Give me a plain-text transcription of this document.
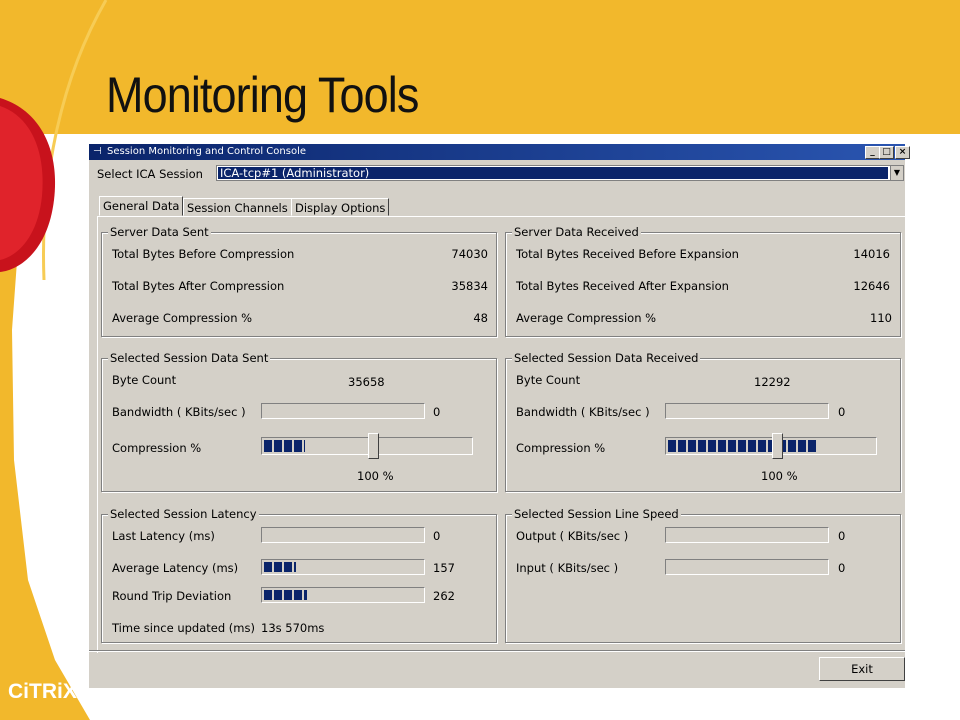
Monitoring Tools
CiTRiX
⊣ Session Monitoring and Control Console	_ □ ×
Select ICA Session ICA-tcp#1 (Administrator)	▼
General Data Session Channels Display Options
Server Data Sent
Total Bytes Before Compression	74030
Total Bytes After Compression	35834
Average Compression %	48
Server Data Received
Total Bytes Received Before Expansion	14016
Total Bytes Received After Expansion	12646
Average Compression %	110
Selected Session Data Sent
Byte Count	35658
Bandwidth ( KBits/sec )	0
Compression %
100 %
Selected Session Data Received
Byte Count	12292
Bandwidth ( KBits/sec )	0
Compression %
100 %
Selected Session Latency
Last Latency (ms)	0
Average Latency (ms)	157
Round Trip Deviation	262
Time since updated (ms) 13s 570ms
Selected Session Line Speed
Output ( KBits/sec )	0
Input ( KBits/sec )	0
Exit
